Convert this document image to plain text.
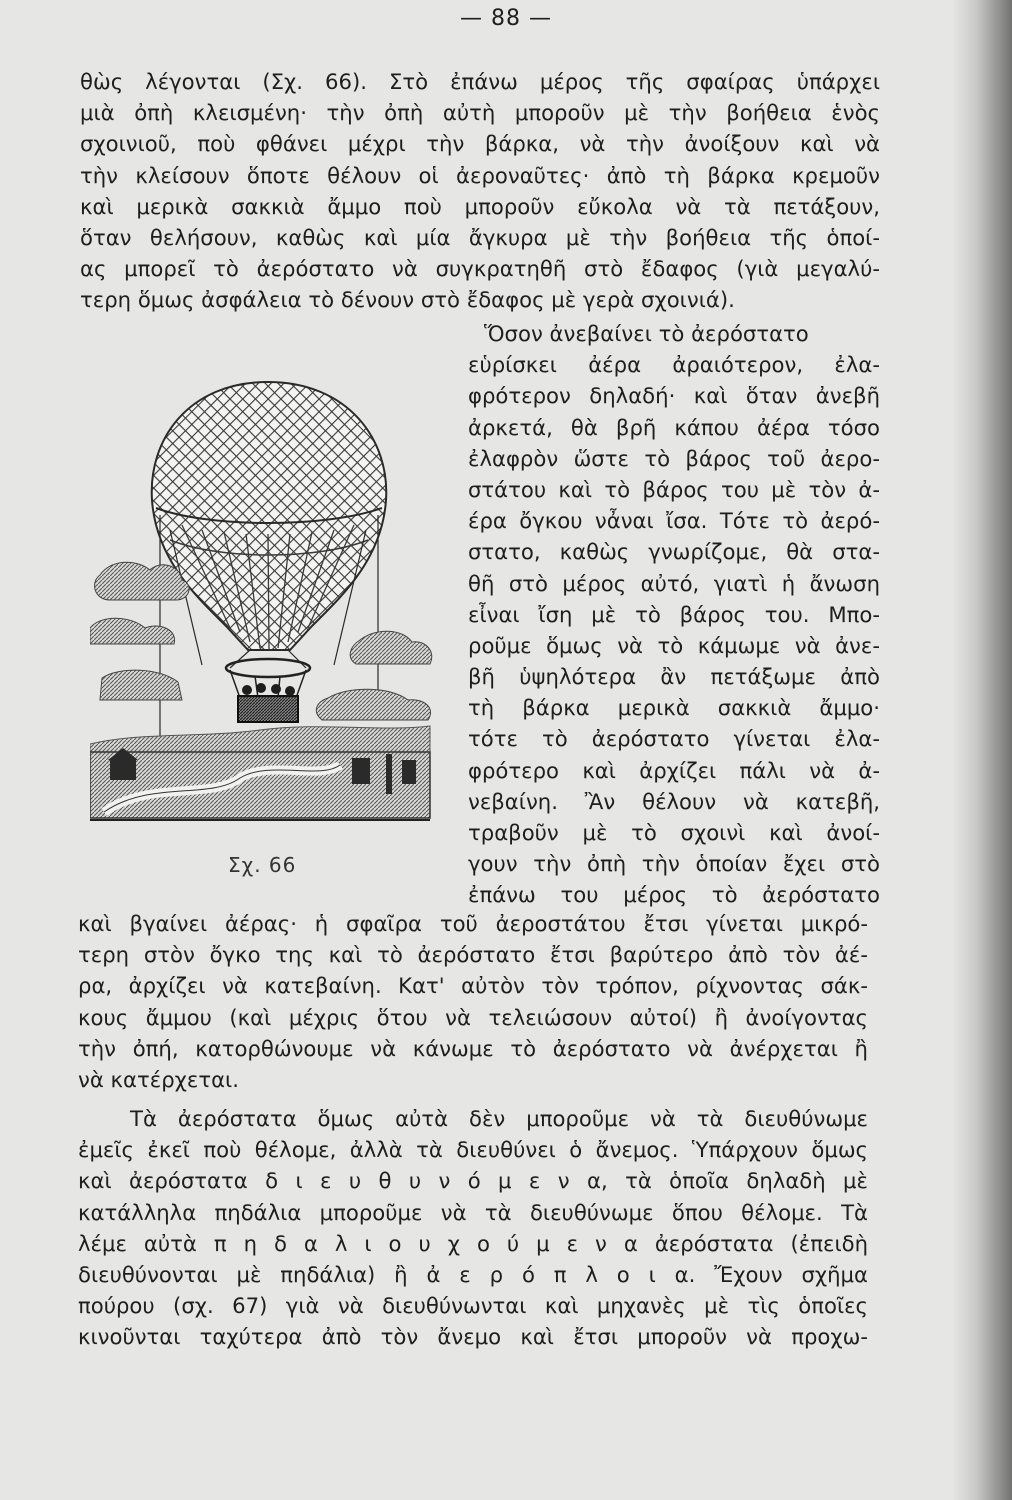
— 88 —
θὼς λέγονται (Σχ. 66). Στὸ ἐπάνω μέρος τῆς σφαίρας ὑπάρχει
μιὰ ὀπὴ κλεισμένη· τὴν ὀπὴ αὐτὴ μποροῦν μὲ τὴν βοήθεια ἑνὸς
σχοινιοῦ, ποὺ φθάνει μέχρι τὴν βάρκα, νὰ τὴν ἀνοίξουν καὶ νὰ
τὴν κλείσουν ὅποτε θέλουν οἱ ἀεροναῦτες· ἀπὸ τὴ βάρκα κρεμοῦν
καὶ μερικὰ σακκιὰ ἄμμο ποὺ μποροῦν εὔκολα νὰ τὰ πετάξουν,
ὅταν θελήσουν, καθὼς καὶ μία ἄγκυρα μὲ τὴν βοήθεια τῆς ὁποί-
ας μπορεῖ τὸ ἀερόστατο νὰ συγκρατηθῆ στὸ ἔδαφος (γιὰ μεγαλύ-
τερη ὅμως ἀσφάλεια τὸ δένουν στὸ ἔδαφος μὲ γερὰ σχοινιά).
Ὅσον ἀνεβαίνει τὸ ἀερόστατο
εὑρίσκει ἀέρα ἀραιότερον, ἐλα-
φρότερον δηλαδή· καὶ ὅταν ἀνεβῆ
ἀρκετά, θὰ βρῆ κάπου ἀέρα τόσο
ἐλαφρὸν ὥστε τὸ βάρος τοῦ ἀερο-
στάτου καὶ τὸ βάρος του μὲ τὸν ἀ-
έρα ὄγκου νἆναι ἴσα. Τότε τὸ ἀερό-
στατο, καθὼς γνωρίζομε, θὰ στα-
θῆ στὸ μέρος αὐτό, γιατὶ ἡ ἄνωση
εἶναι ἴση μὲ τὸ βάρος του. Μπο-
ροῦμε ὅμως νὰ τὸ κάμωμε νὰ ἀνε-
βῆ ὑψηλότερα ἂν πετάξωμε ἀπὸ
τὴ βάρκα μερικὰ σακκιὰ ἄμμο·
τότε τὸ ἀερόστατο γίνεται ἐλα-
φρότερο καὶ ἀρχίζει πάλι νὰ ἀ-
νεβαίνη. Ἂν θέλουν νὰ κατεβῆ,
τραβοῦν μὲ τὸ σχοινὶ καὶ ἀνοί-
γουν τὴν ὀπὴ τὴν ὁποίαν ἔχει στὸ
ἐπάνω του μέρος τὸ ἀερόστατο
Σχ. 66
καὶ βγαίνει ἀέρας· ἡ σφαῖρα τοῦ ἀεροστάτου ἔτσι γίνεται μικρό-
τερη στὸν ὄγκο της καὶ τὸ ἀερόστατο ἔτσι βαρύτερο ἀπὸ τὸν ἀέ-
ρα, ἀρχίζει νὰ κατεβαίνη. Κατ' αὐτὸν τὸν τρόπον, ρίχνοντας σάκ-
κους ἄμμου (καὶ μέχρις ὅτου νὰ τελειώσουν αὐτοί) ἢ ἀνοίγοντας
τὴν ὀπή, κατορθώνουμε νὰ κάνωμε τὸ ἀερόστατο νὰ ἀνέρχεται ἢ
νὰ κατέρχεται.
Τὰ ἀερόστατα ὅμως αὐτὰ δὲν μποροῦμε νὰ τὰ διευθύνωμε
ἐμεῖς ἐκεῖ ποὺ θέλομε, ἀλλὰ τὰ διευθύνει ὁ ἄνεμος. Ὑπάρχουν ὅμως
καὶ ἀερόστατα δ ι ε υ θ υ ν ό μ ε ν α, τὰ ὁποῖα δηλαδὴ μὲ
κατάλληλα πηδάλια μποροῦμε νὰ τὰ διευθύνωμε ὅπου θέλομε. Τὰ
λέμε αὐτὰ π η δ α λ ι ο υ χ ο ύ μ ε ν α ἀερόστατα (ἐπειδὴ
διευθύνονται μὲ πηδάλια) ἢ ἀ ε ρ ό π λ ο ι α. Ἔχουν σχῆμα
πούρου (σχ. 67) γιὰ νὰ διευθύνωνται καὶ μηχανὲς μὲ τὶς ὁποῖες
κινοῦνται ταχύτερα ἀπὸ τὸν ἄνεμο καὶ ἔτσι μποροῦν νὰ προχω-
